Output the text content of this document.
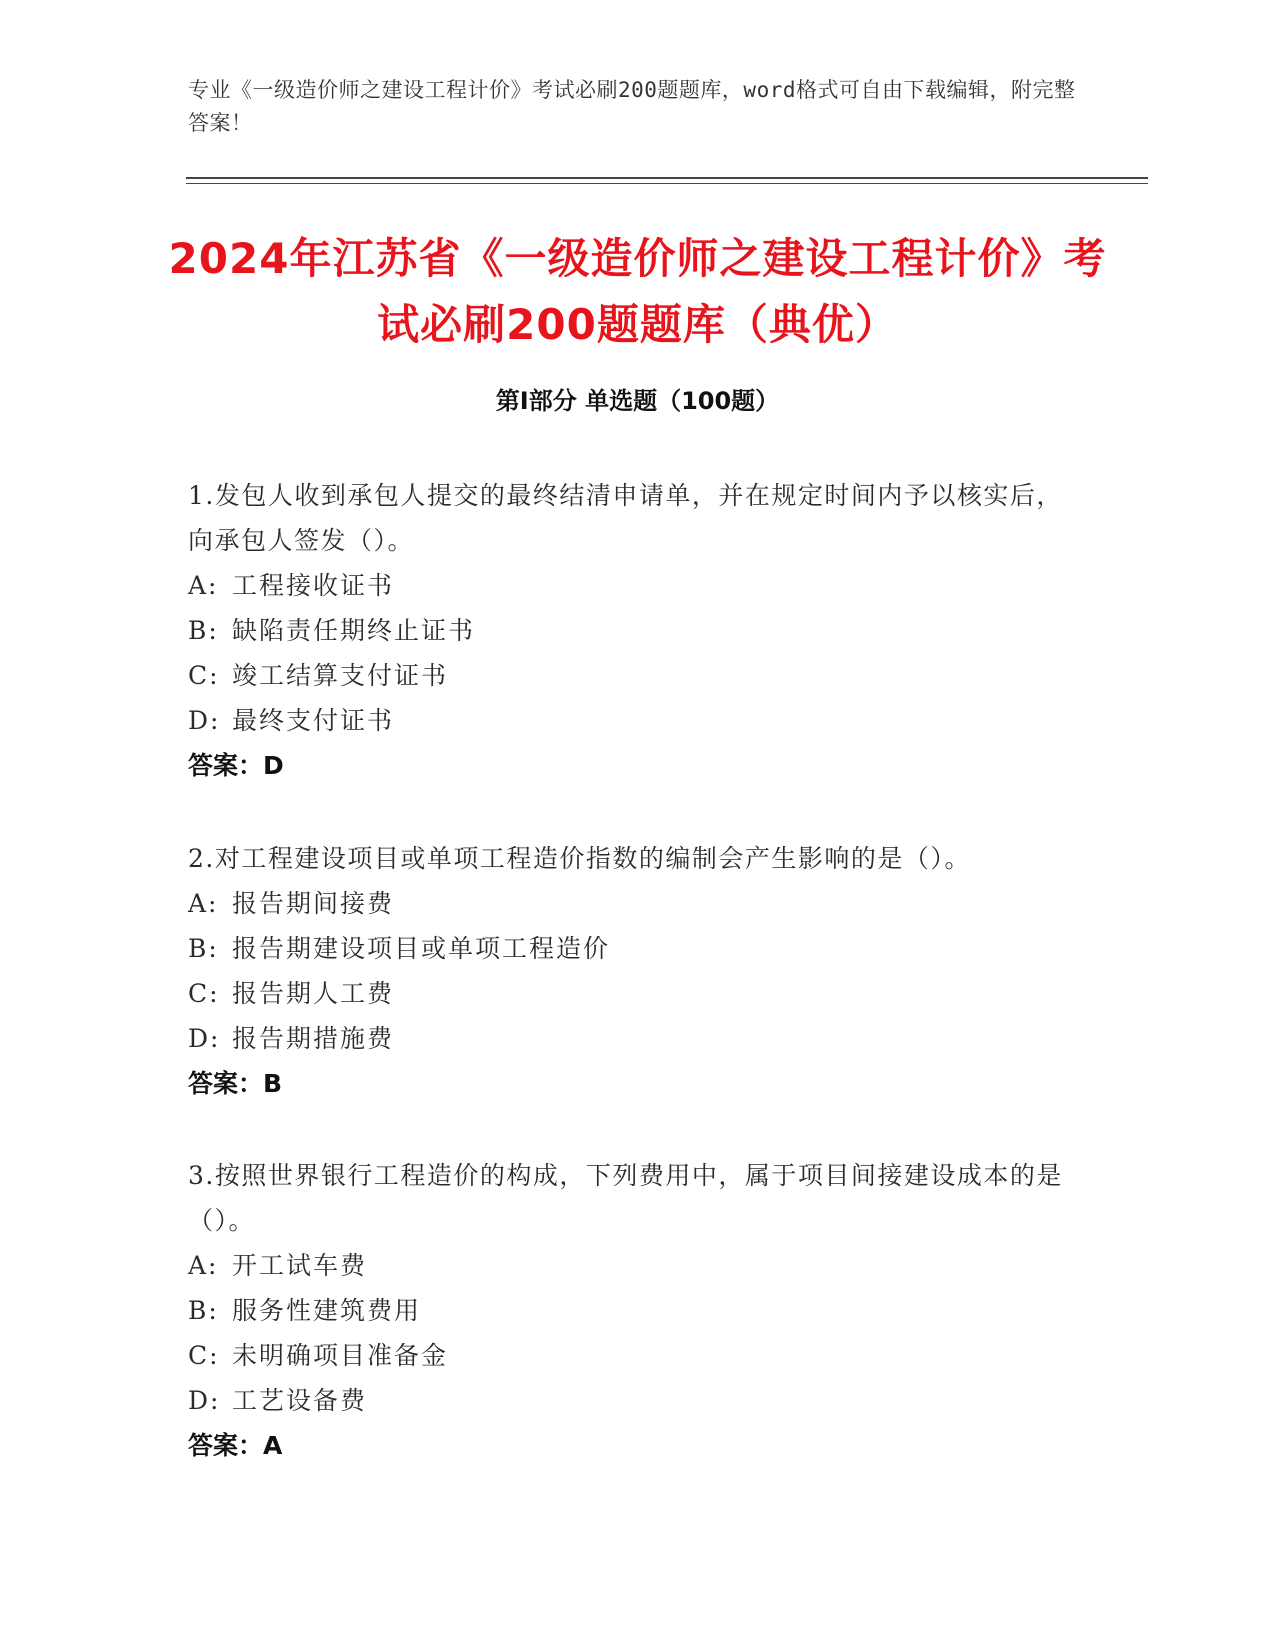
专业《一级造价师之建设工程计价》考试必刷200题题库，word格式可自由下载编辑，附完整答案！
2024年江苏省《一级造价师之建设工程计价》考试必刷200题题库（典优）
第I部分 单选题（100题）
1.发包人收到承包人提交的最终结清申请单，并在规定时间内予以核实后，向承包人签发（）。
A: 工程接收证书
B: 缺陷责任期终止证书
C: 竣工结算支付证书
D: 最终支付证书
答案：D
2.对工程建设项目或单项工程造价指数的编制会产生影响的是（）。
A: 报告期间接费
B: 报告期建设项目或单项工程造价
C: 报告期人工费
D: 报告期措施费
答案：B
3.按照世界银行工程造价的构成，下列费用中，属于项目间接建设成本的是（）。
A: 开工试车费
B: 服务性建筑费用
C: 未明确项目准备金
D: 工艺设备费
答案：A
